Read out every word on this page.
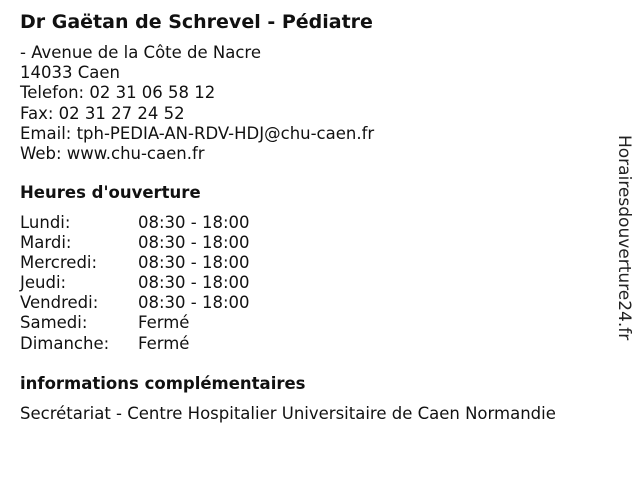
Dr Gaëtan de Schrevel - Pédiatre
- Avenue de la Côte de Nacre
14033 Caen
Telefon: 02 31 06 58 12
Fax: 02 31 27 24 52
Email: tph-PEDIA-AN-RDV-HDJ@chu-caen.fr
Web: www.chu-caen.fr
Heures d'ouverture
Lundi:	08:30 - 18:00
Mardi:	08:30 - 18:00
Mercredi: 08:30 - 18:00
Jeudi:	08:30 - 18:00
Vendredi: 08:30 - 18:00
Samedi:	Fermé
Dimanche: Fermé
informations complémentaires
Secrétariat - Centre Hospitalier Universitaire de Caen Normandie
Horairesdouverture24.fr
